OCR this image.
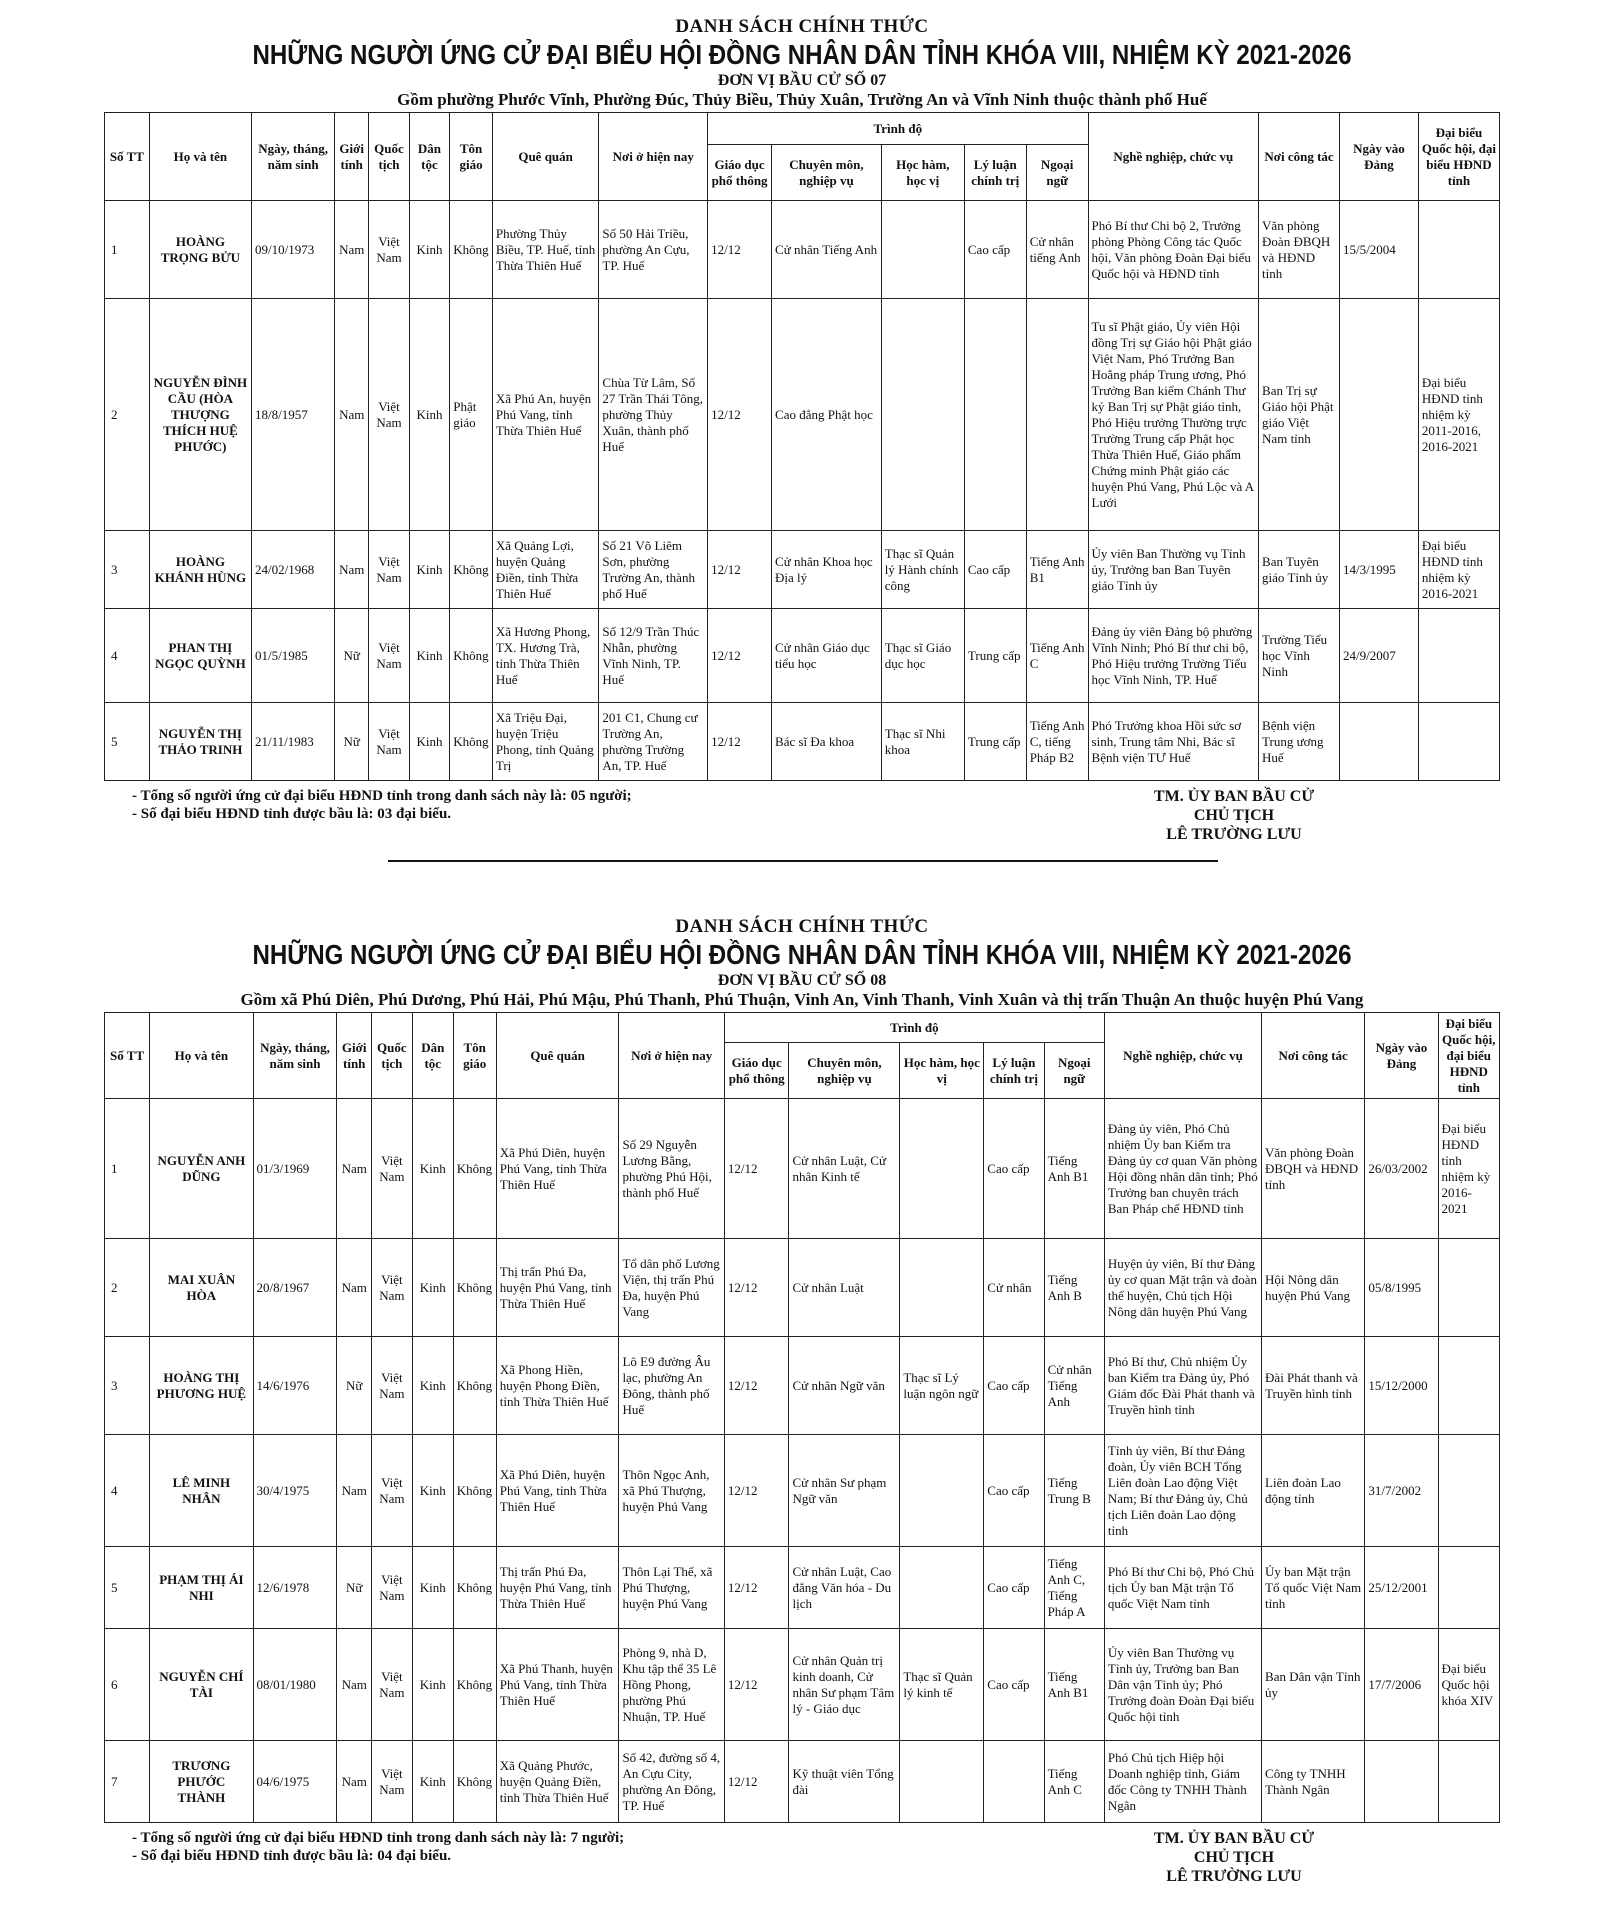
DANH SÁCH CHÍNH THỨC
NHỮNG NGƯỜI ỨNG CỬ ĐẠI BIỂU HỘI ĐỒNG NHÂN DÂN TỈNH KHÓA VIII, NHIỆM KỲ 2021-2026
ĐƠN VỊ BẦU CỬ SỐ 07
Gồm phường Phước Vĩnh, Phường Đúc, Thủy Biều, Thủy Xuân, Trường An và Vĩnh Ninh thuộc thành phố Huế
Số TT	Họ và tên	Ngày, tháng, năm sinh	Giới tính	Quốc tịch	Dân tộc	Tôn giáo	Quê quán	Nơi ở hiện nay	Trình độ					Nghề nghiệp, chức vụ	Nơi công tác	Ngày vào Đảng	Đại biểu Quốc hội, đại biểu HĐND tỉnh
									Giáo dục phổ thông	Chuyên môn, nghiệp vụ	Học hàm, học vị	Lý luận chính trị	Ngoại ngữ				
1	HOÀNG TRỌNG BỬU	09/10/1973	Nam	Việt Nam	Kinh	Không	Phường Thủy Biều, TP. Huế, tỉnh Thừa Thiên Huế	Số 50 Hải Triều, phường An Cựu, TP. Huế	12/12	Cử nhân Tiếng Anh		Cao cấp	Cử nhân tiếng Anh	Phó Bí thư Chi bộ 2, Trưởng phòng Phòng Công tác Quốc hội, Văn phòng Đoàn Đại biểu Quốc hội và HĐND tỉnh	Văn phòng Đoàn ĐBQH và HĐND tỉnh	15/5/2004	
2	NGUYỄN ĐÌNH CẦU (HÒA THƯỢNG THÍCH HUỆ PHƯỚC)	18/8/1957	Nam	Việt Nam	Kinh	Phật giáo	Xã Phú An, huyện Phú Vang, tỉnh Thừa Thiên Huế	Chùa Từ Lâm, Số 27 Trần Thái Tông, phường Thủy Xuân, thành phố Huế	12/12	Cao đẳng Phật học				Tu sĩ Phật giáo, Ủy viên Hội đồng Trị sự Giáo hội Phật giáo Việt Nam, Phó Trưởng Ban Hoằng pháp Trung ương, Phó Trưởng Ban kiểm Chánh Thư ký Ban Trị sự Phật giáo tỉnh, Phó Hiệu trưởng Thường trực Trường Trung cấp Phật học Thừa Thiên Huế, Giáo phẩm Chứng minh Phật giáo các huyện Phú Vang, Phú Lộc và A Lưới	Ban Trị sự Giáo hội Phật giáo Việt Nam tỉnh		Đại biểu HĐND tỉnh nhiệm kỳ 2011-2016, 2016-2021
3	HOÀNG KHÁNH HÙNG	24/02/1968	Nam	Việt Nam	Kinh	Không	Xã Quảng Lợi, huyện Quảng Điền, tỉnh Thừa Thiên Huế	Số 21 Võ Liêm Sơn, phường Trường An, thành phố Huế	12/12	Cử nhân Khoa học Địa lý	Thạc sĩ Quản lý Hành chính công	Cao cấp	Tiếng Anh B1	Ủy viên Ban Thường vụ Tỉnh ủy, Trưởng ban Ban Tuyên giáo Tỉnh ủy	Ban Tuyên giáo Tỉnh ủy	14/3/1995	Đại biểu HĐND tỉnh nhiệm kỳ 2016-2021
4	PHAN THỊ NGỌC QUỲNH	01/5/1985	Nữ	Việt Nam	Kinh	Không	Xã Hương Phong, TX. Hương Trà, tỉnh Thừa Thiên Huế	Số 12/9 Trần Thúc Nhẫn, phường Vĩnh Ninh, TP. Huế	12/12	Cử nhân Giáo dục tiểu học	Thạc sĩ Giáo dục học	Trung cấp	Tiếng Anh C	Đảng ủy viên Đảng bộ phường Vĩnh Ninh; Phó Bí thư chi bộ, Phó Hiệu trưởng Trường Tiểu học Vĩnh Ninh, TP. Huế	Trường Tiểu học Vĩnh Ninh	24/9/2007	
5	NGUYỄN THỊ THẢO TRINH	21/11/1983	Nữ	Việt Nam	Kinh	Không	Xã Triệu Đại, huyện Triệu Phong, tỉnh Quảng Trị	201 C1, Chung cư Trường An, phường Trường An, TP. Huế	12/12	Bác sĩ Đa khoa	Thạc sĩ Nhi khoa	Trung cấp	Tiếng Anh C, tiếng Pháp B2	Phó Trưởng khoa Hồi sức sơ sinh, Trung tâm Nhi, Bác sĩ Bệnh viện TƯ Huế	Bệnh viện Trung ương Huế		
- Tổng số người ứng cử đại biểu HĐND tỉnh trong danh sách này là: 05 người;
- Số đại biểu HĐND tỉnh được bầu là: 03 đại biểu.
TM. ỦY BAN BẦU CỬ
CHỦ TỊCH
LÊ TRƯỜNG LƯU
DANH SÁCH CHÍNH THỨC
NHỮNG NGƯỜI ỨNG CỬ ĐẠI BIỂU HỘI ĐỒNG NHÂN DÂN TỈNH KHÓA VIII, NHIỆM KỲ 2021-2026
ĐƠN VỊ BẦU CỬ SỐ 08
Gồm xã Phú Diên, Phú Dương, Phú Hải, Phú Mậu, Phú Thanh, Phú Thuận, Vinh An, Vinh Thanh, Vinh Xuân và thị trấn Thuận An thuộc huyện Phú Vang
Số TT	Họ và tên	Ngày, tháng, năm sinh	Giới tính	Quốc tịch	Dân tộc	Tôn giáo	Quê quán	Nơi ở hiện nay	Trình độ					Nghề nghiệp, chức vụ	Nơi công tác	Ngày vào Đảng	Đại biểu Quốc hội, đại biểu HĐND tỉnh
									Giáo dục phổ thông	Chuyên môn, nghiệp vụ	Học hàm, học vị	Lý luận chính trị	Ngoại ngữ				
1	NGUYỄN ANH DŨNG	01/3/1969	Nam	Việt Nam	Kinh	Không	Xã Phú Diên, huyện Phú Vang, tỉnh Thừa Thiên Huế	Số 29 Nguyễn Lương Bằng, phường Phú Hội, thành phố Huế	12/12	Cử nhân Luật, Cử nhân Kinh tế		Cao cấp	Tiếng Anh B1	Đảng ủy viên, Phó Chủ nhiệm Ủy ban Kiểm tra Đảng ủy cơ quan Văn phòng Hội đồng nhân dân tỉnh; Phó Trưởng ban chuyên trách Ban Pháp chế HĐND tỉnh	Văn phòng Đoàn ĐBQH và HĐND tỉnh	26/03/2002	Đại biểu HĐND tỉnh nhiệm kỳ 2016-2021
2	MAI XUÂN HÒA	20/8/1967	Nam	Việt Nam	Kinh	Không	Thị trấn Phú Đa, huyện Phú Vang, tỉnh Thừa Thiên Huế	Tổ dân phố Lương Viện, thị trấn Phú Đa, huyện Phú Vang	12/12	Cử nhân Luật		Cử nhân	Tiếng Anh B	Huyện ủy viên, Bí thư Đảng ủy cơ quan Mặt trận và đoàn thể huyện, Chủ tịch Hội Nông dân huyện Phú Vang	Hội Nông dân huyện Phú Vang	05/8/1995	
3	HOÀNG THỊ PHƯƠNG HUỆ	14/6/1976	Nữ	Việt Nam	Kinh	Không	Xã Phong Hiền, huyện Phong Điền, tỉnh Thừa Thiên Huế	Lô E9 đường Âu lạc, phường An Đông, thành phố Huế	12/12	Cử nhân Ngữ văn	Thạc sĩ Lý luận ngôn ngữ	Cao cấp	Cử nhân Tiếng Anh	Phó Bí thư, Chủ nhiệm Ủy ban Kiểm tra Đảng ủy, Phó Giám đốc Đài Phát thanh và Truyền hình tỉnh	Đài Phát thanh và Truyền hình tỉnh	15/12/2000	
4	LÊ MINH NHÂN	30/4/1975	Nam	Việt Nam	Kinh	Không	Xã Phú Diên, huyện Phú Vang, tỉnh Thừa Thiên Huế	Thôn Ngọc Anh, xã Phú Thượng, huyện Phú Vang	12/12	Cử nhân Sư phạm Ngữ văn		Cao cấp	Tiếng Trung B	Tỉnh ủy viên, Bí thư Đảng đoàn, Ủy viên BCH Tổng Liên đoàn Lao động Việt Nam; Bí thư Đảng ủy, Chủ tịch Liên đoàn Lao động tỉnh	Liên đoàn Lao động tỉnh	31/7/2002	
5	PHẠM THỊ ÁI NHI	12/6/1978	Nữ	Việt Nam	Kinh	Không	Thị trấn Phú Đa, huyện Phú Vang, tỉnh Thừa Thiên Huế	Thôn Lại Thế, xã Phú Thượng, huyện Phú Vang	12/12	Cử nhân Luật, Cao đẳng Văn hóa - Du lịch		Cao cấp	Tiếng Anh C, Tiếng Pháp A	Phó Bí thư Chi bộ, Phó Chủ tịch Ủy ban Mặt trận Tổ quốc Việt Nam tỉnh	Ủy ban Mặt trận Tổ quốc Việt Nam tỉnh	25/12/2001	
6	NGUYỄN CHÍ TÀI	08/01/1980	Nam	Việt Nam	Kinh	Không	Xã Phú Thanh, huyện Phú Vang, tỉnh Thừa Thiên Huế	Phòng 9, nhà D, Khu tập thể 35 Lê Hồng Phong, phường Phú Nhuận, TP. Huế	12/12	Cử nhân Quản trị kinh doanh, Cử nhân Sư phạm Tâm lý - Giáo dục	Thạc sĩ Quản lý kinh tế	Cao cấp	Tiếng Anh B1	Ủy viên Ban Thường vụ Tỉnh ủy, Trưởng ban Ban Dân vận Tỉnh ủy; Phó Trưởng đoàn Đoàn Đại biểu Quốc hội tỉnh	Ban Dân vận Tỉnh ủy	17/7/2006	Đại biểu Quốc hội khóa XIV
7	TRƯƠNG PHƯỚC THÀNH	04/6/1975	Nam	Việt Nam	Kinh	Không	Xã Quảng Phước, huyện Quảng Điền, tỉnh Thừa Thiên Huế	Số 42, đường số 4, An Cựu City, phường An Đông, TP. Huế	12/12	Kỹ thuật viên Tổng đài			Tiếng Anh C	Phó Chủ tịch Hiệp hội Doanh nghiệp tỉnh, Giám đốc Công ty TNHH Thành Ngân	Công ty TNHH Thành Ngân		
- Tổng số người ứng cử đại biểu HĐND tỉnh trong danh sách này là: 7 người;
- Số đại biểu HĐND tỉnh được bầu là: 04 đại biểu.
TM. ỦY BAN BẦU CỬ
CHỦ TỊCH
LÊ TRƯỜNG LƯU
